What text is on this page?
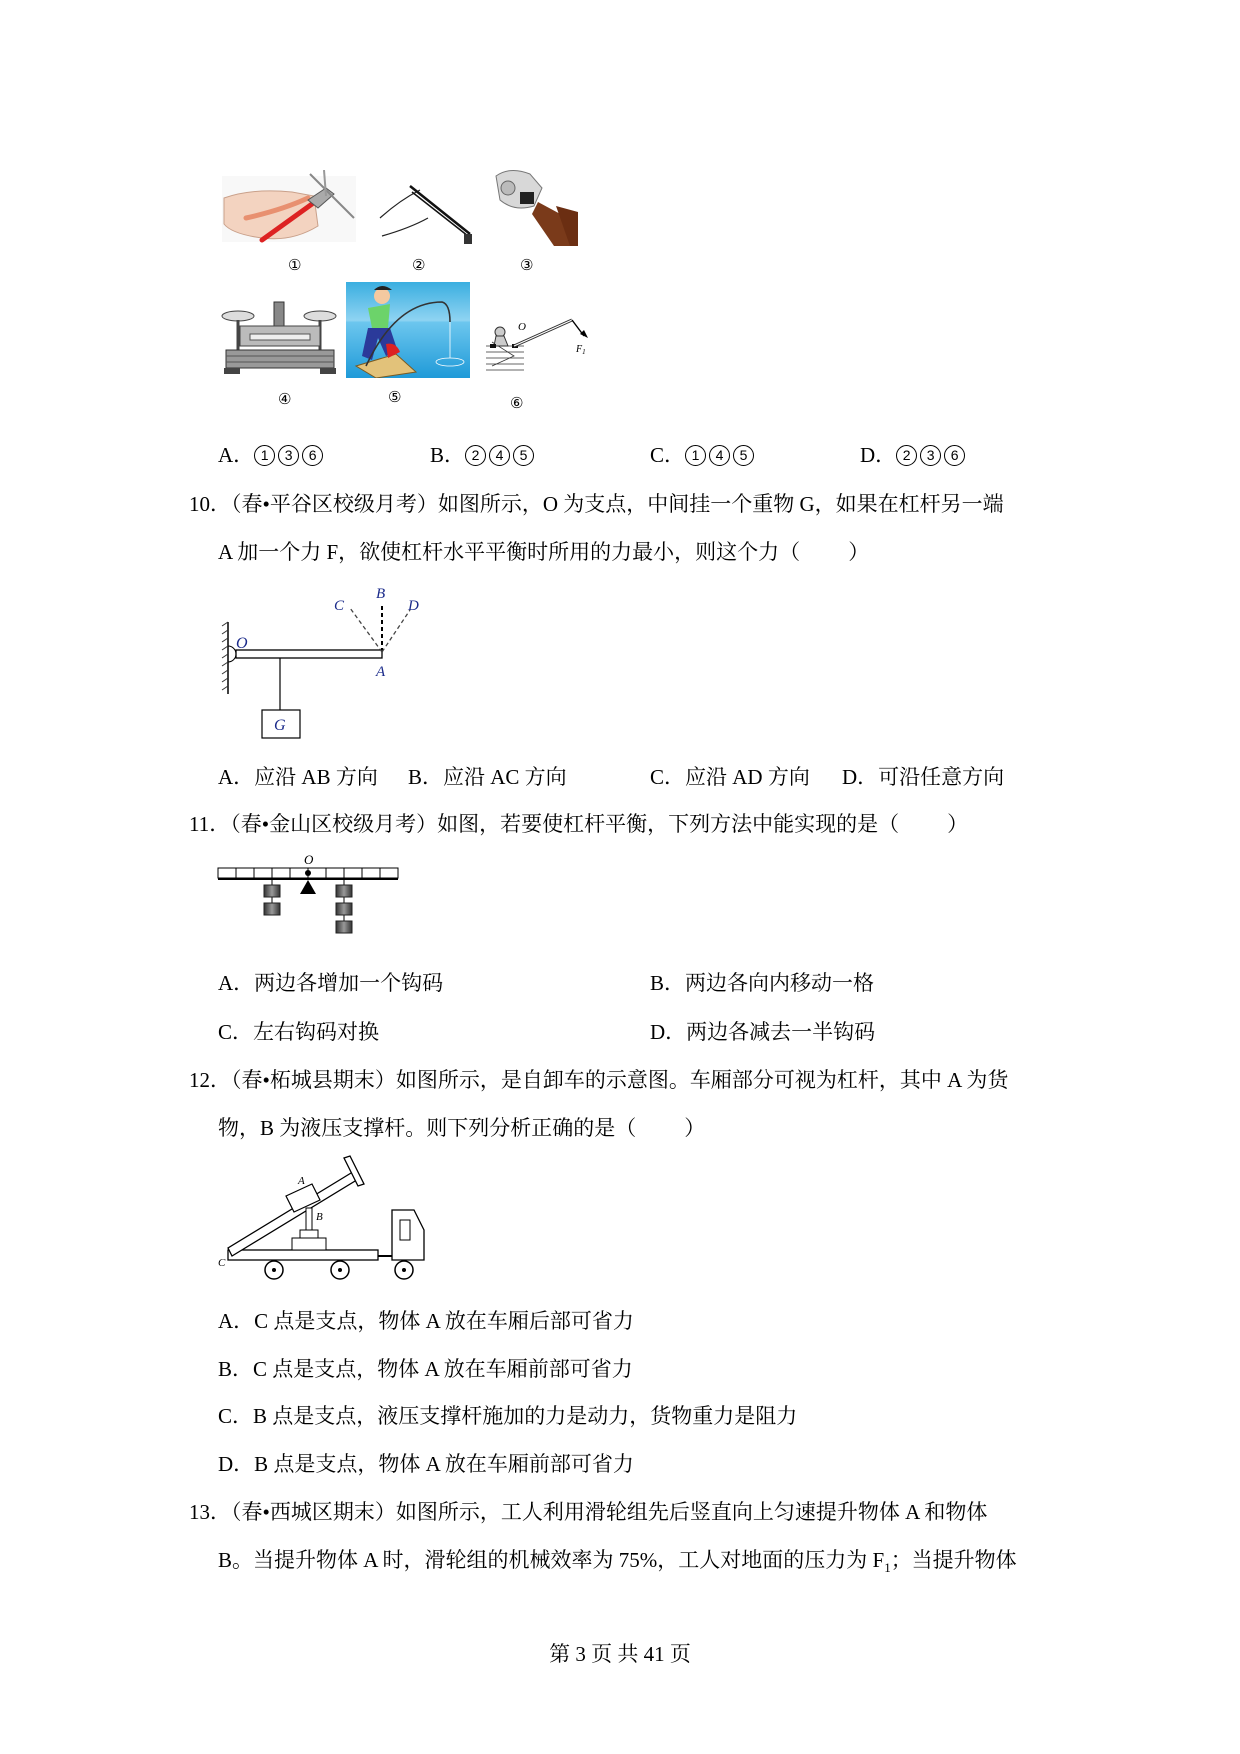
①	②	③
O
$F_1$
④	⑤	⑥
A． 1 3 6	B． 2 4 5	C． 1 4 5	D． 2 3 6
10．（春•平谷区校级月考）如图所示，O 为支点，中间挂一个重物 G，如果在杠杆另一端
A 加一个力 F，欲使杠杆水平平衡时所用的力最小，则这个力（ ）
O
A
B
C	D
G
A．应沿 AB 方向 B．应沿 AC 方向	C．应沿 AD 方向 D．可沿任意方向
11．（春•金山区校级月考）如图，若要使杠杆平衡，下列方法中能实现的是（ ）
O
A．两边各增加一个钩码	B．两边各向内移动一格
C．左右钩码对换	D．两边各减去一半钩码
12．（春•柘城县期末）如图所示，是自卸车的示意图。车厢部分可视为杠杆，其中 A 为货
物，B 为液压支撑杆。则下列分析正确的是（ ）
A
B
C
A．C 点是支点，物体 A 放在车厢后部可省力
B．C 点是支点，物体 A 放在车厢前部可省力
C．B 点是支点，液压支撑杆施加的力是动力，货物重力是阻力
D．B 点是支点，物体 A 放在车厢前部可省力
13．（春•西城区期末）如图所示，工人利用滑轮组先后竖直向上匀速提升物体 A 和物体
B。当提升物体 A 时，滑轮组的机械效率为 75%，工人对地面的压力为 $F_1$；当提升物体
第 3 页 共 41 页
